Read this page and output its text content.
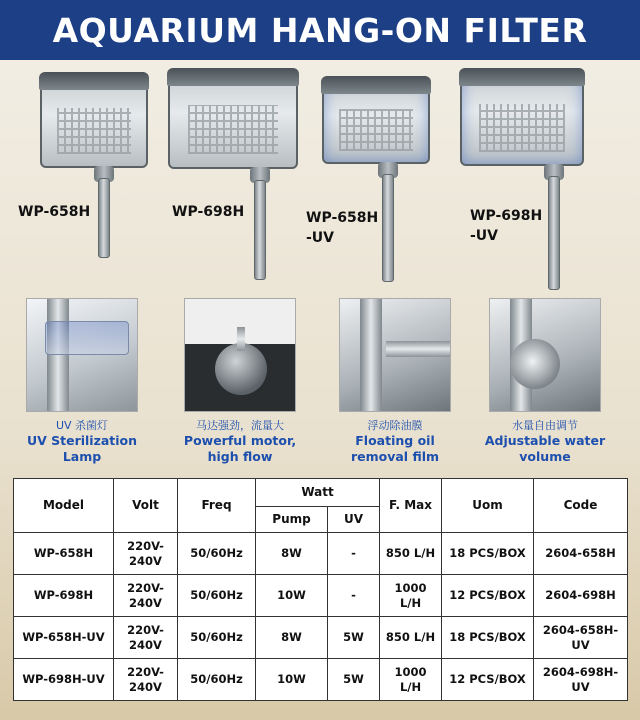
AQUARIUM HANG-ON FILTER
WP-658H	WP-698H	WP-658H
-UV
WP-698H
-UV
UV 杀菌灯
UV Sterilization Lamp
马达强劲，流量大
Powerful motor, high flow
浮动除油膜
Floating oil removal film
水量自由调节
Adjustable water volume
Model	Volt	Freq	Watt		F. Max	Uom	Code
			Pump	UV			
WP-658H	220V-240V	50/60Hz	8W	-	850 L/H	18 PCS/BOX	2604-658H
WP-698H	220V-240V	50/60Hz	10W	-	1000 L/H	12 PCS/BOX	2604-698H
WP-658H-UV	220V-240V	50/60Hz	8W	5W	850 L/H	18 PCS/BOX	2604-658H-UV
WP-698H-UV	220V-240V	50/60Hz	10W	5W	1000 L/H	12 PCS/BOX	2604-698H-UV
